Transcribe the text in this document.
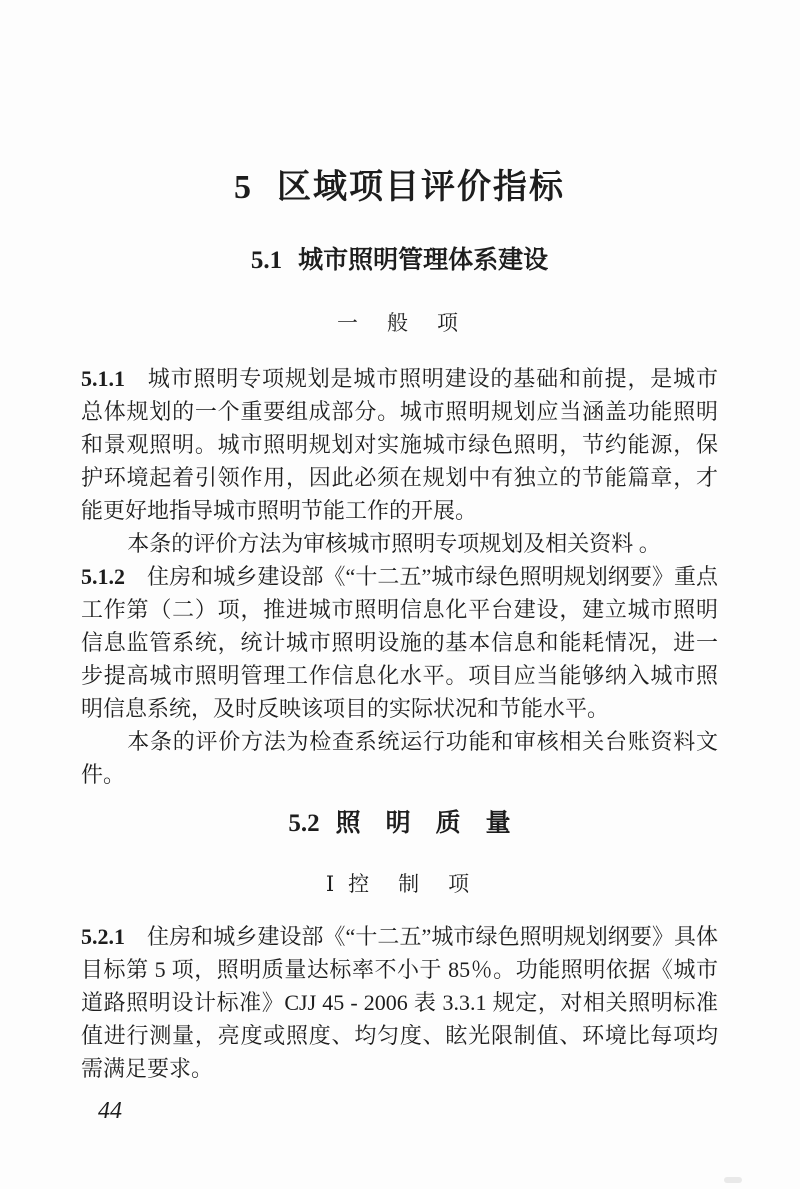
5 区域项目评价指标
5.1 城市照明管理体系建设
一　般　项

5.1.1 城市照明专项规划是城市照明建设的基础和前提，是城市总体规划的一个重要组成部分。城市照明规划应当涵盖功能照明和景观照明。城市照明规划对实施城市绿色照明，节约能源，保护环境起着引领作用，因此必须在规划中有独立的节能篇章，才能更好地指导城市照明节能工作的开展。

本条的评价方法为审核城市照明专项规划及相关资料 。

5.1.2 住房和城乡建设部《“十二五”城市绿色照明规划纲要》重点工作第（二）项，推进城市照明信息化平台建设，建立城市照明信息监管系统，统计城市照明设施的基本信息和能耗情况，进一步提高城市照明管理工作信息化水平。项目应当能够纳入城市照明信息系统，及时反映该项目的实际状况和节能水平。

本条的评价方法为检查系统运行功能和审核相关台账资料文件。

5.2 照　明　质　量
Ⅰ 控　制　项

5.2.1 住房和城乡建设部《“十二五”城市绿色照明规划纲要》具体目标第 5 项，照明质量达标率不小于 85％。功能照明依据《城市道路照明设计标准》CJJ 45 - 2006 表 3.3.1 规定，对相关照明标准值进行测量，亮度或照度、均匀度、眩光限制值、环境比每项均需满足要求。

44
